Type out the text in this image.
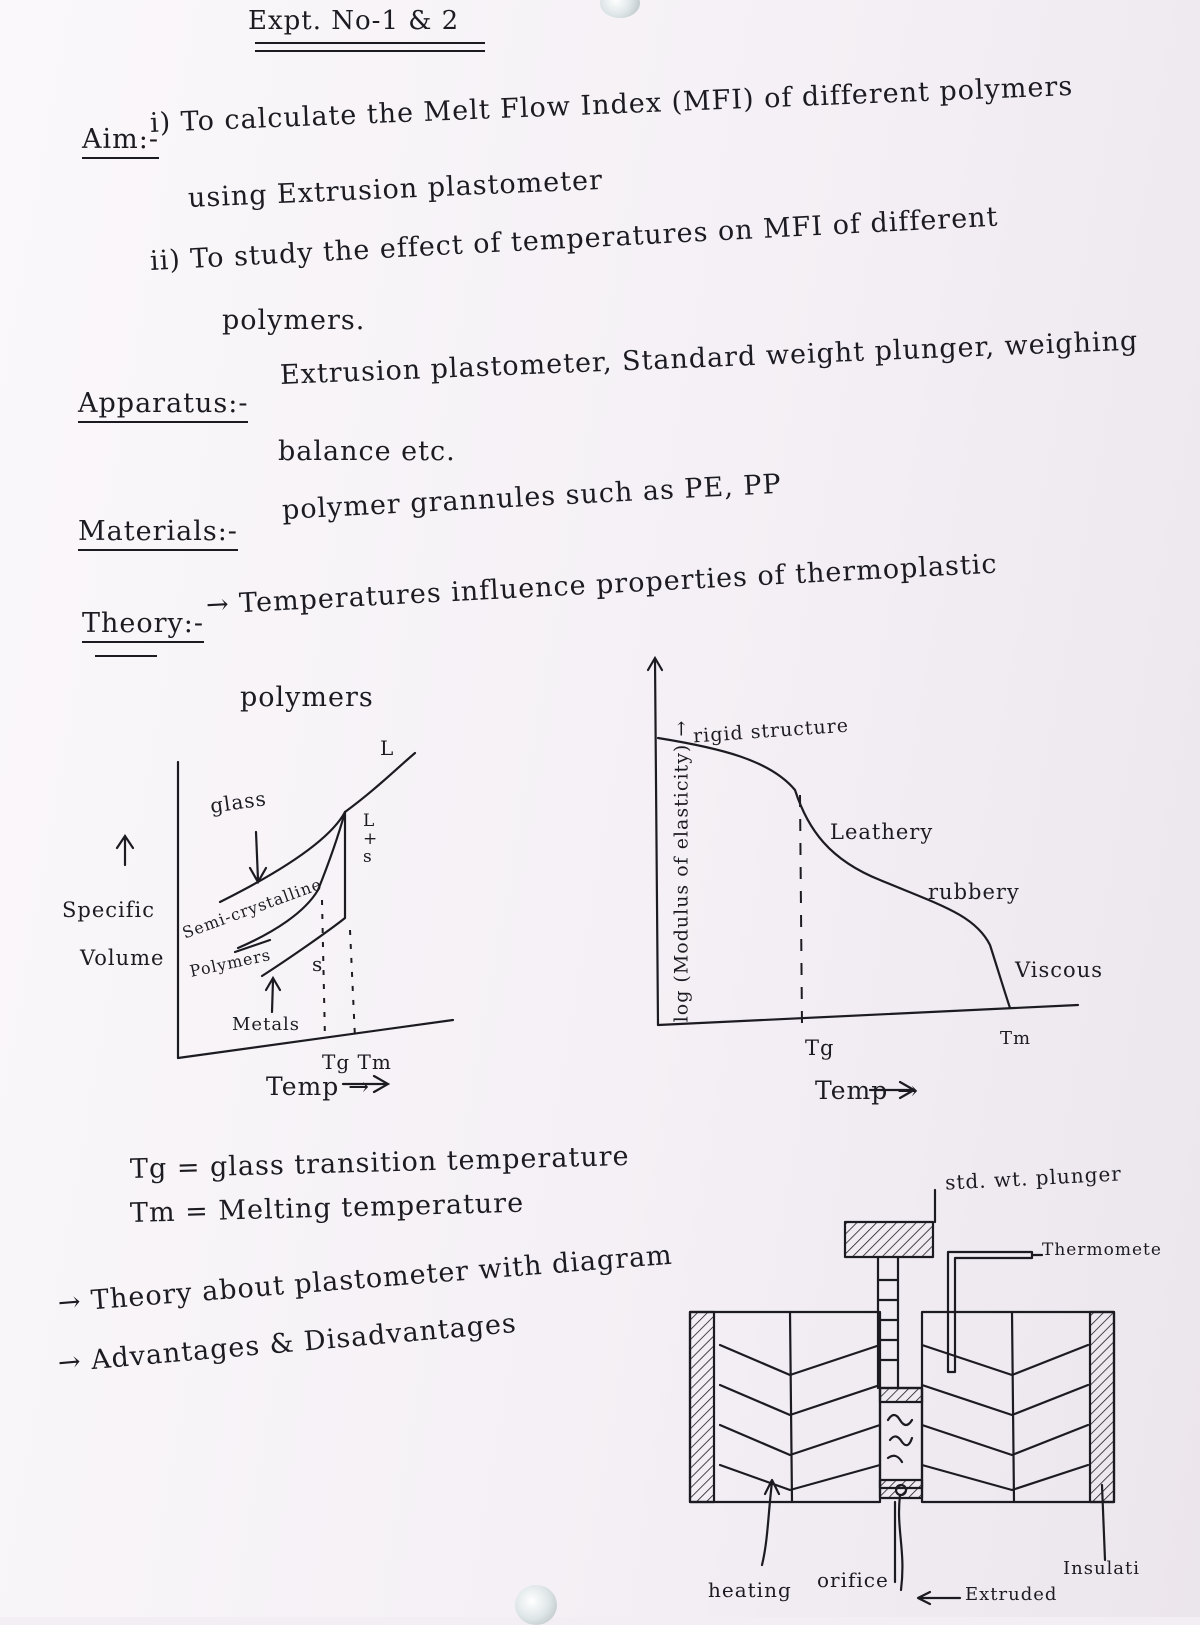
Expt. No-1 & 2
Aim:-
i) To calculate the Melt Flow Index (MFI) of different polymers
using Extrusion plastometer
ii) To study the effect of temperatures on MFI of different
polymers.
Apparatus:-
Extrusion plastometer, Standard weight plunger, weighing
balance etc.
Materials:-
polymer grannules such as PE, PP
Theory:-
→ Temperatures influence properties of thermoplastic
polymers
glass
L
L
+
s
s
Semi-crystalline
Polymers
Metals
Specific
Volume
Tg Tm
Temp →
log (Modulus of elasticity) → rigid structure
Leathery
rubbery
Viscous
Tg	Tm
Temp →
Tg = glass transition temperature
Tm = Melting temperature
→ Theory about plastometer with diagram
→ Advantages & Disadvantages
std. wt. plunger
Thermomete
heating orifice
Extruded
Insulati
